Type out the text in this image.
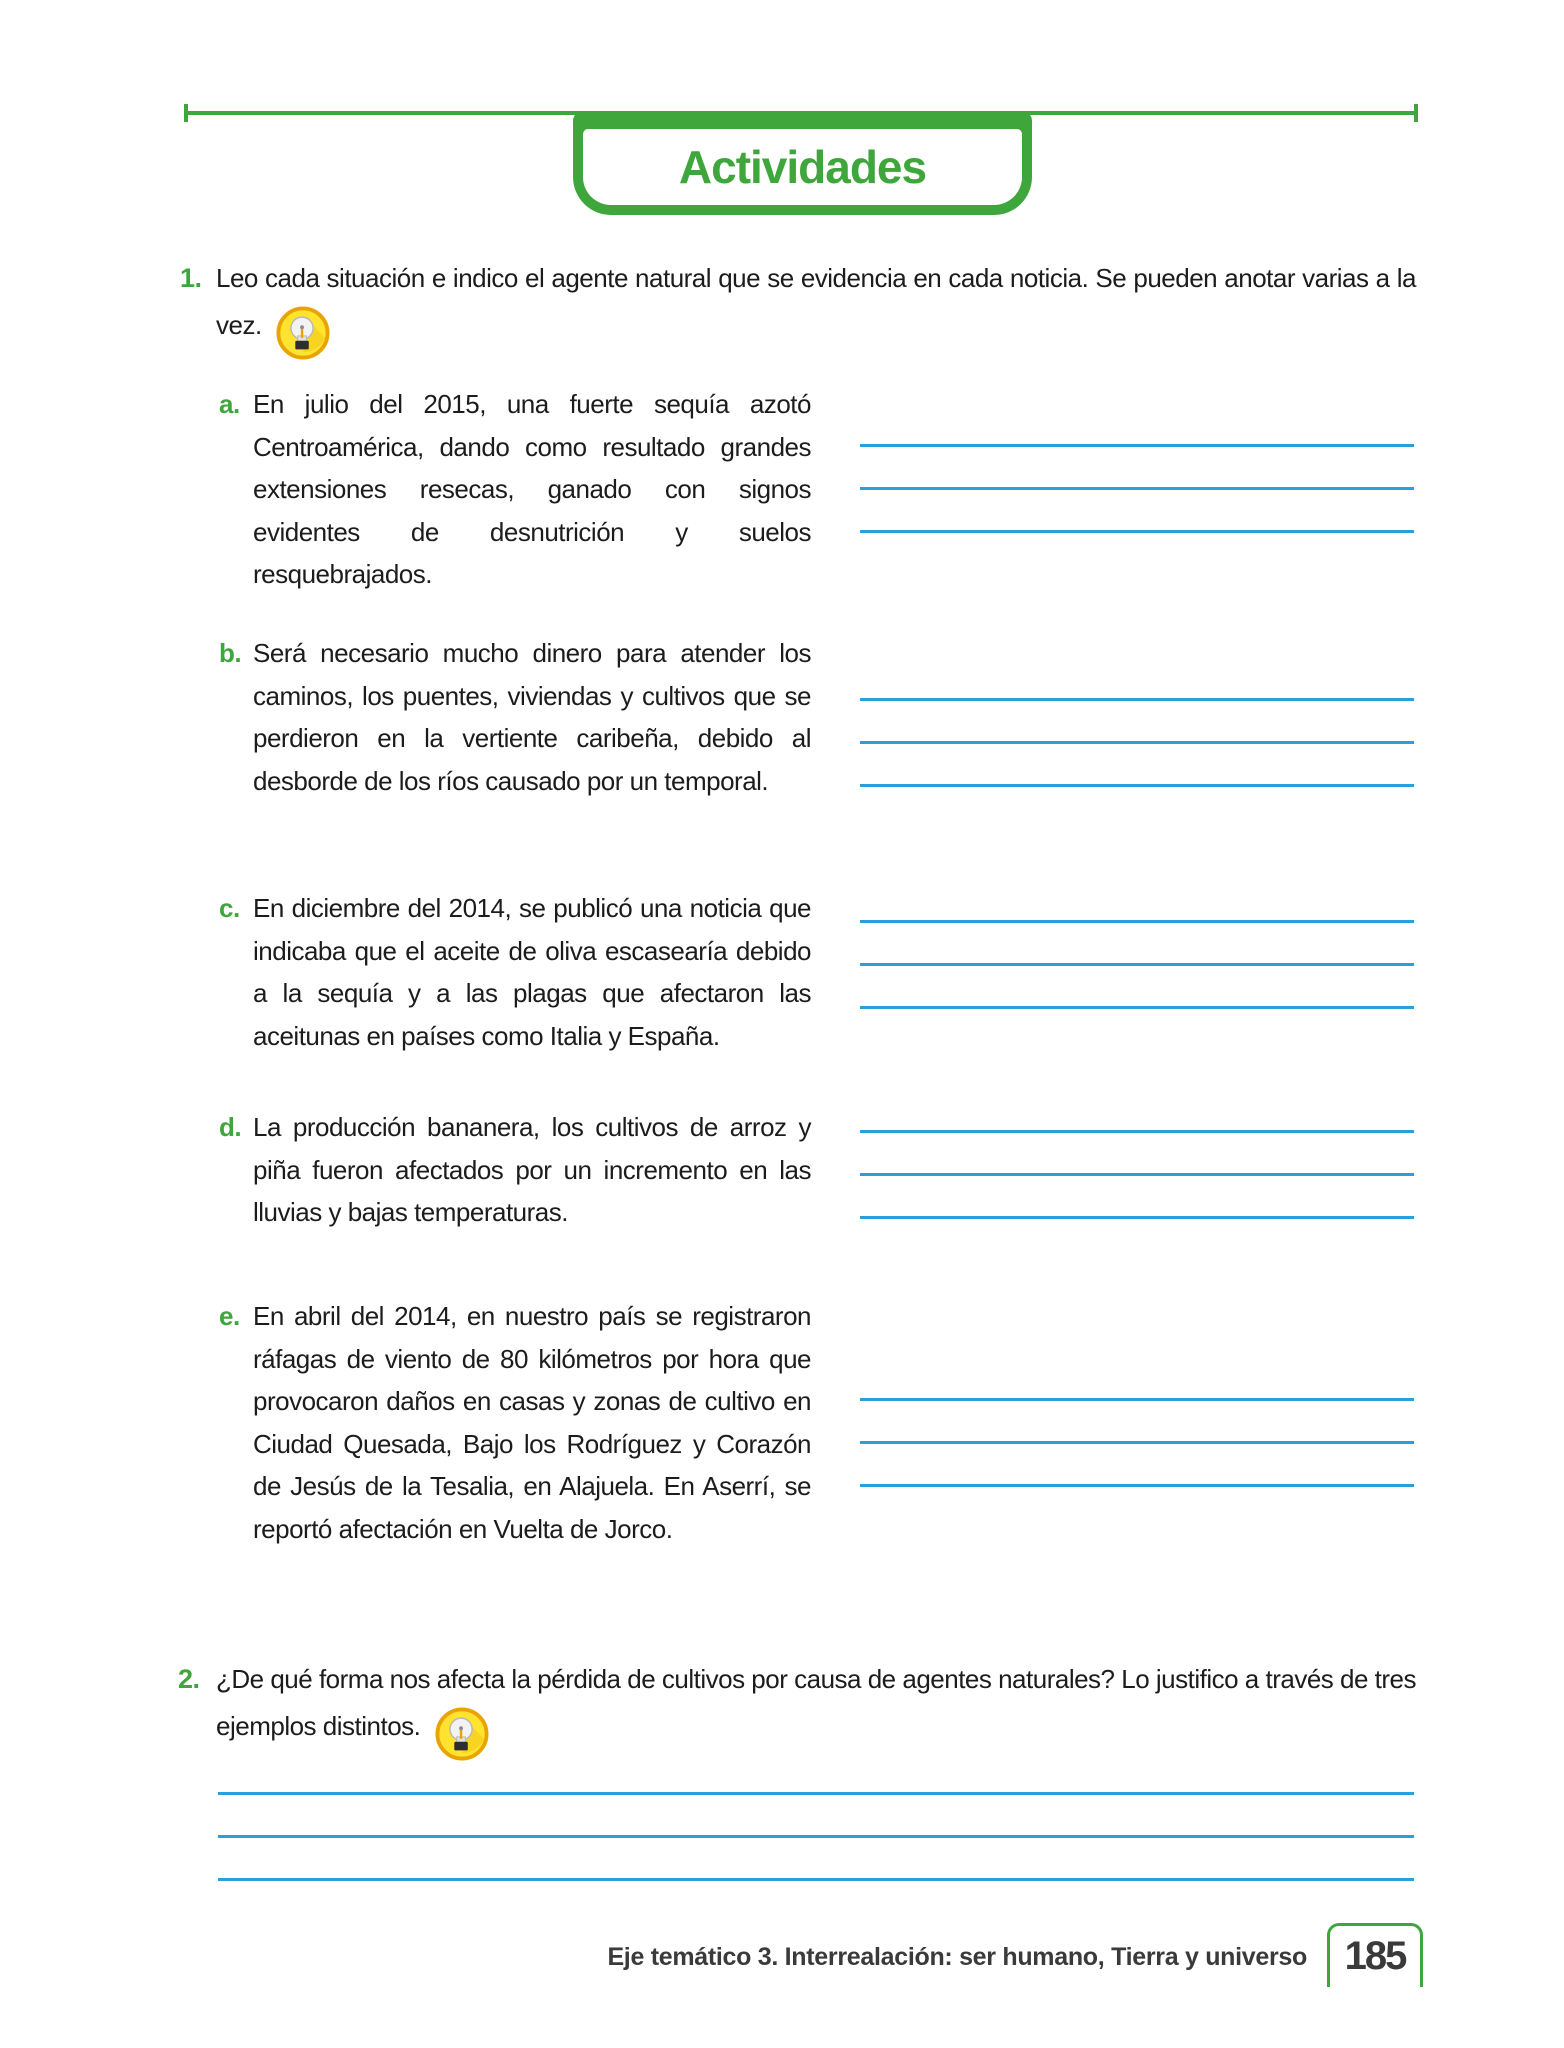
Actividades
1. Leo cada situación e indico el agente natural que se evidencia en cada noticia. Se pueden anotar varias a la vez.
a. En julio del 2015, una fuerte sequía azotó Centroamérica, dando como resultado grandes extensiones resecas, ganado con signos evidentes de desnutrición y suelos resquebrajados.
b. Será necesario mucho dinero para atender los caminos, los puentes, viviendas y cultivos que se perdieron en la vertiente caribeña, debido al desborde de los ríos causado por un temporal.
c. En diciembre del 2014, se publicó una noticia que indicaba que el aceite de oliva escasearía debido a la sequía y a las plagas que afectaron las aceitunas en países como Italia y España.
d. La producción bananera, los cultivos de arroz y piña fueron afectados por un incremento en las lluvias y bajas temperaturas.
e. En abril del 2014, en nuestro país se registraron ráfagas de viento de 80 kilómetros por hora que provocaron daños en casas y zonas de cultivo en Ciudad Quesada, Bajo los Rodríguez y Corazón de Jesús de la Tesalia, en Alajuela. En Aserrí, se reportó afectación en Vuelta de Jorco.
2. ¿De qué forma nos afecta la pérdida de cultivos por causa de agentes naturales? Lo justifico a través de tres ejemplos distintos.
Eje temático 3. Interrealación: ser humano, Tierra y universo 185
